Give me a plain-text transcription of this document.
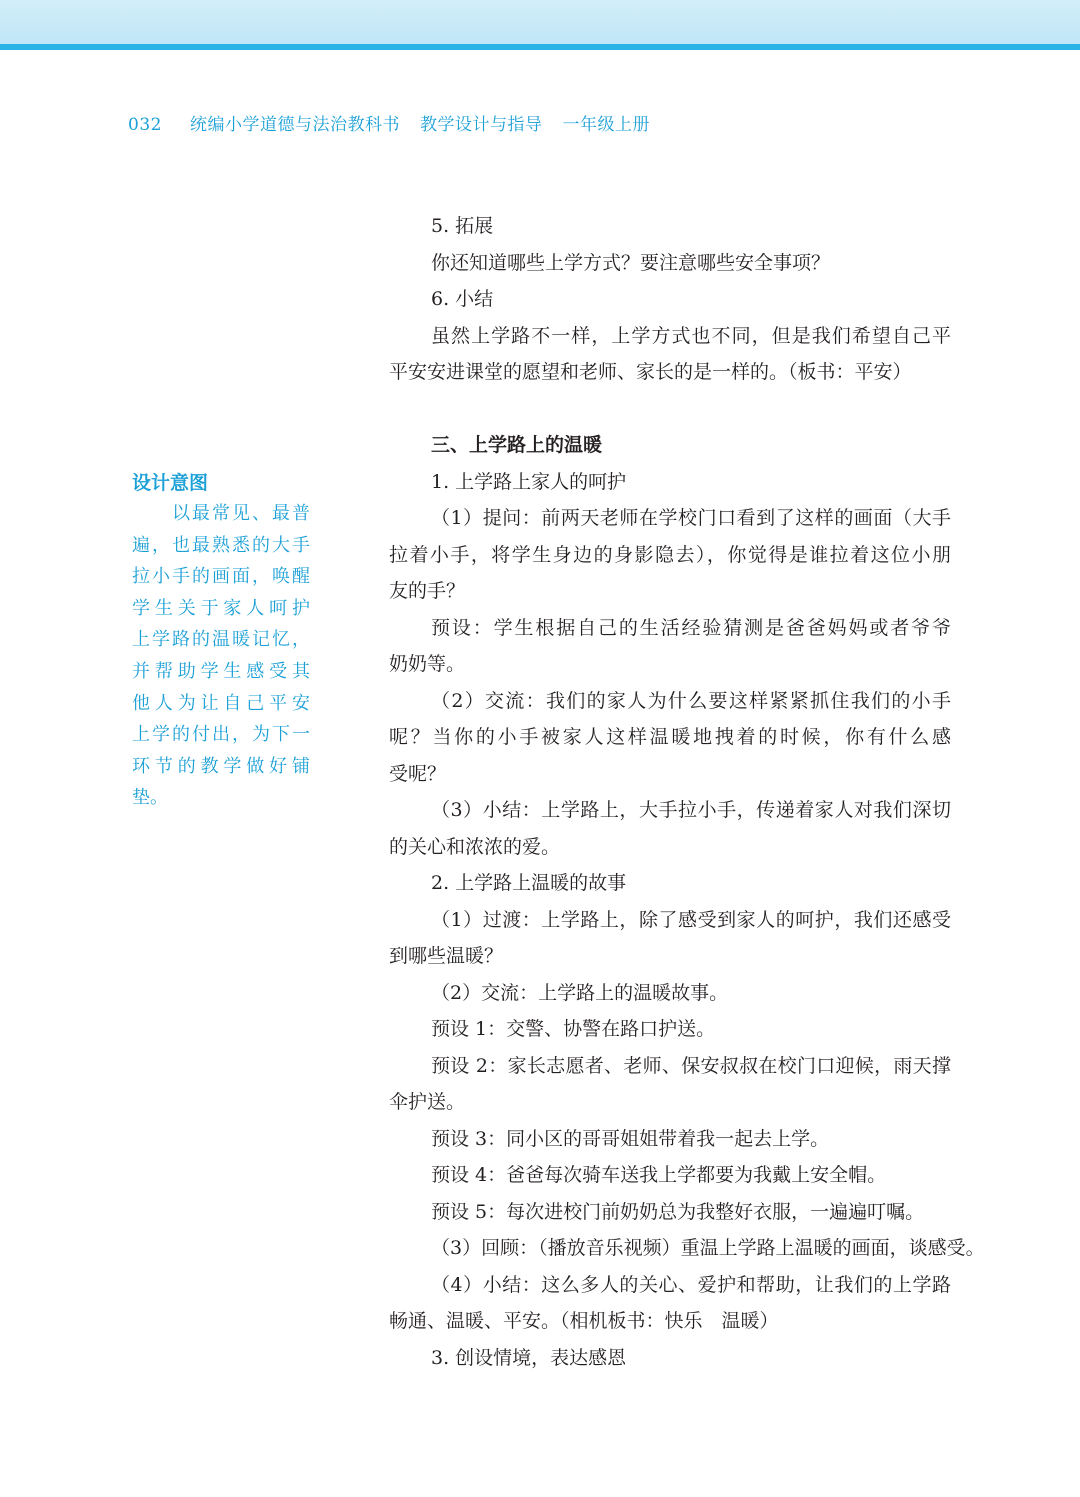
032 统编小学道德与法治教科书 教学设计与指导 一年级上册
设计意图
以最常见、最普
遍，也最熟悉的大手
拉小手的画面，唤醒
学生关于家人呵护
上学路的温暖记忆，
并帮助学生感受其
他人为让自己平安
上学的付出，为下一
环节的教学做好铺
垫。
5. 拓展
你还知道哪些上学方式？要注意哪些安全事项？
6. 小结
虽然上学路不一样，上学方式也不同，但是我们希望自己平
平安安进课堂的愿望和老师、家长的是一样的。（板书：平安）
三、上学路上的温暖
1. 上学路上家人的呵护
（1）提问：前两天老师在学校门口看到了这样的画面（大手
拉着小手，将学生身边的身影隐去），你觉得是谁拉着这位小朋
友的手？
预设：学生根据自己的生活经验猜测是爸爸妈妈或者爷爷
奶奶等。
（2）交流：我们的家人为什么要这样紧紧抓住我们的小手
呢？当你的小手被家人这样温暖地拽着的时候，你有什么感
受呢？
（3）小结：上学路上，大手拉小手，传递着家人对我们深切
的关心和浓浓的爱。
2. 上学路上温暖的故事
（1）过渡：上学路上，除了感受到家人的呵护，我们还感受
到哪些温暖？
（2）交流：上学路上的温暖故事。
预设 1：交警、协警在路口护送。
预设 2：家长志愿者、老师、保安叔叔在校门口迎候，雨天撑
伞护送。
预设 3：同小区的哥哥姐姐带着我一起去上学。
预设 4：爸爸每次骑车送我上学都要为我戴上安全帽。
预设 5：每次进校门前奶奶总为我整好衣服，一遍遍叮嘱。
（3）回顾：（播放音乐视频）重温上学路上温暖的画面，谈感受。
（4）小结：这么多人的关心、爱护和帮助，让我们的上学路
畅通、温暖、平安。（相机板书：快乐　温暖）
3. 创设情境，表达感恩
